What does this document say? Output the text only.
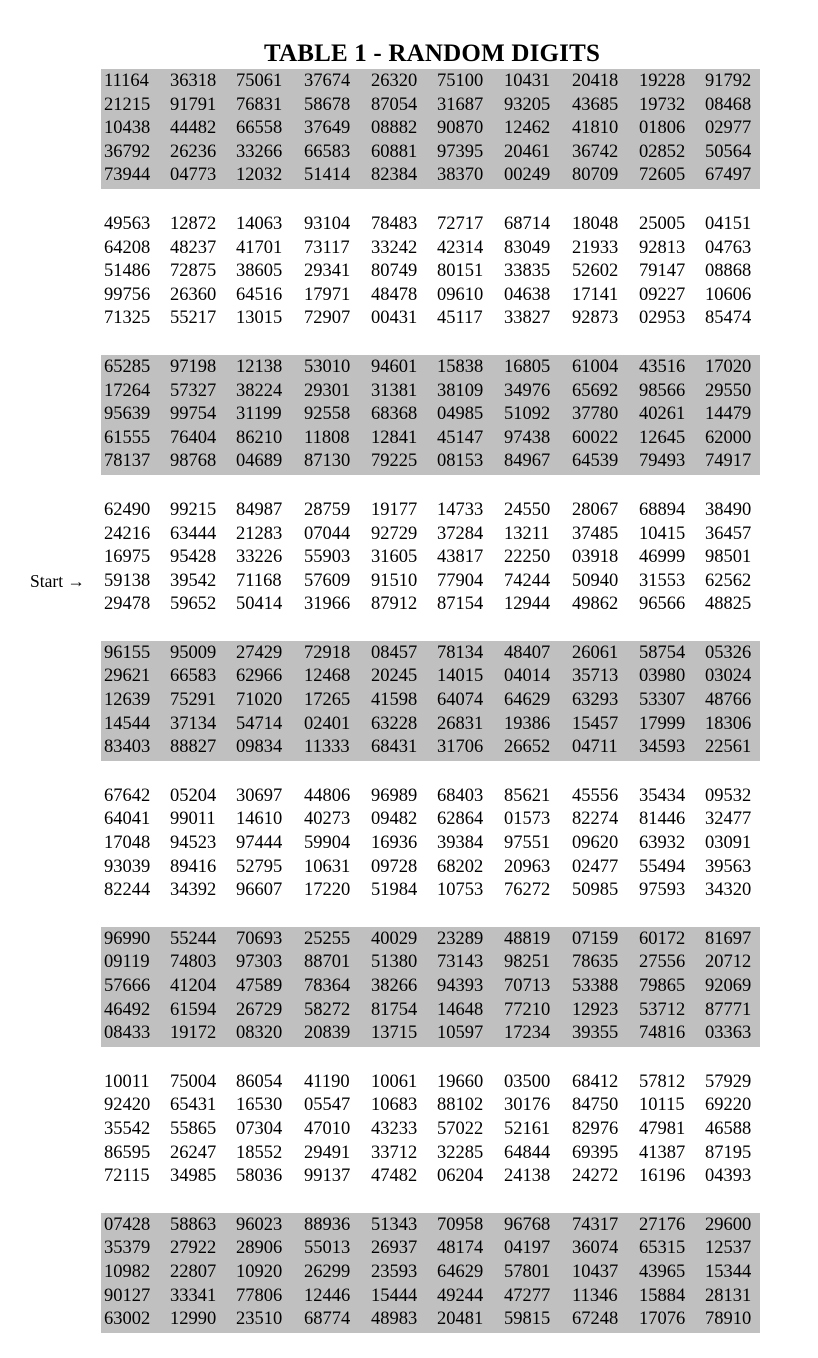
TABLE 1 - RANDOM DIGITS
11164 36318 75061 37674 26320 75100 10431 20418 19228 91792
21215 91791 76831 58678 87054 31687 93205 43685 19732 08468
10438 44482 66558 37649 08882 90870 12462 41810 01806 02977
36792 26236 33266 66583 60881 97395 20461 36742 02852 50564
73944 04773 12032 51414 82384 38370 00249 80709 72605 67497
49563 12872 14063 93104 78483 72717 68714 18048 25005 04151
64208 48237 41701 73117 33242 42314 83049 21933 92813 04763
51486 72875 38605 29341 80749 80151 33835 52602 79147 08868
99756 26360 64516 17971 48478 09610 04638 17141 09227 10606
71325 55217 13015 72907 00431 45117 33827 92873 02953 85474
65285 97198 12138 53010 94601 15838 16805 61004 43516 17020
17264 57327 38224 29301 31381 38109 34976 65692 98566 29550
95639 99754 31199 92558 68368 04985 51092 37780 40261 14479
61555 76404 86210 11808 12841 45147 97438 60022 12645 62000
78137 98768 04689 87130 79225 08153 84967 64539 79493 74917
62490 99215 84987 28759 19177 14733 24550 28067 68894 38490
24216 63444 21283 07044 92729 37284 13211 37485 10415 36457
16975 95428 33226 55903 31605 43817 22250 03918 46999 98501
59138 39542 71168 57609 91510 77904 74244 50940 31553 62562
29478 59652 50414 31966 87912 87154 12944 49862 96566 48825
96155 95009 27429 72918 08457 78134 48407 26061 58754 05326
29621 66583 62966 12468 20245 14015 04014 35713 03980 03024
12639 75291 71020 17265 41598 64074 64629 63293 53307 48766
14544 37134 54714 02401 63228 26831 19386 15457 17999 18306
83403 88827 09834 11333 68431 31706 26652 04711 34593 22561
67642 05204 30697 44806 96989 68403 85621 45556 35434 09532
64041 99011 14610 40273 09482 62864 01573 82274 81446 32477
17048 94523 97444 59904 16936 39384 97551 09620 63932 03091
93039 89416 52795 10631 09728 68202 20963 02477 55494 39563
82244 34392 96607 17220 51984 10753 76272 50985 97593 34320
96990 55244 70693 25255 40029 23289 48819 07159 60172 81697
09119 74803 97303 88701 51380 73143 98251 78635 27556 20712
57666 41204 47589 78364 38266 94393 70713 53388 79865 92069
46492 61594 26729 58272 81754 14648 77210 12923 53712 87771
08433 19172 08320 20839 13715 10597 17234 39355 74816 03363
10011 75004 86054 41190 10061 19660 03500 68412 57812 57929
92420 65431 16530 05547 10683 88102 30176 84750 10115 69220
35542 55865 07304 47010 43233 57022 52161 82976 47981 46588
86595 26247 18552 29491 33712 32285 64844 69395 41387 87195
72115 34985 58036 99137 47482 06204 24138 24272 16196 04393
07428 58863 96023 88936 51343 70958 96768 74317 27176 29600
35379 27922 28906 55013 26937 48174 04197 36074 65315 12537
10982 22807 10920 26299 23593 64629 57801 10437 43965 15344
90127 33341 77806 12446 15444 49244 47277 11346 15884 28131
63002 12990 23510 68774 48983 20481 59815 67248 17076 78910
Start →
